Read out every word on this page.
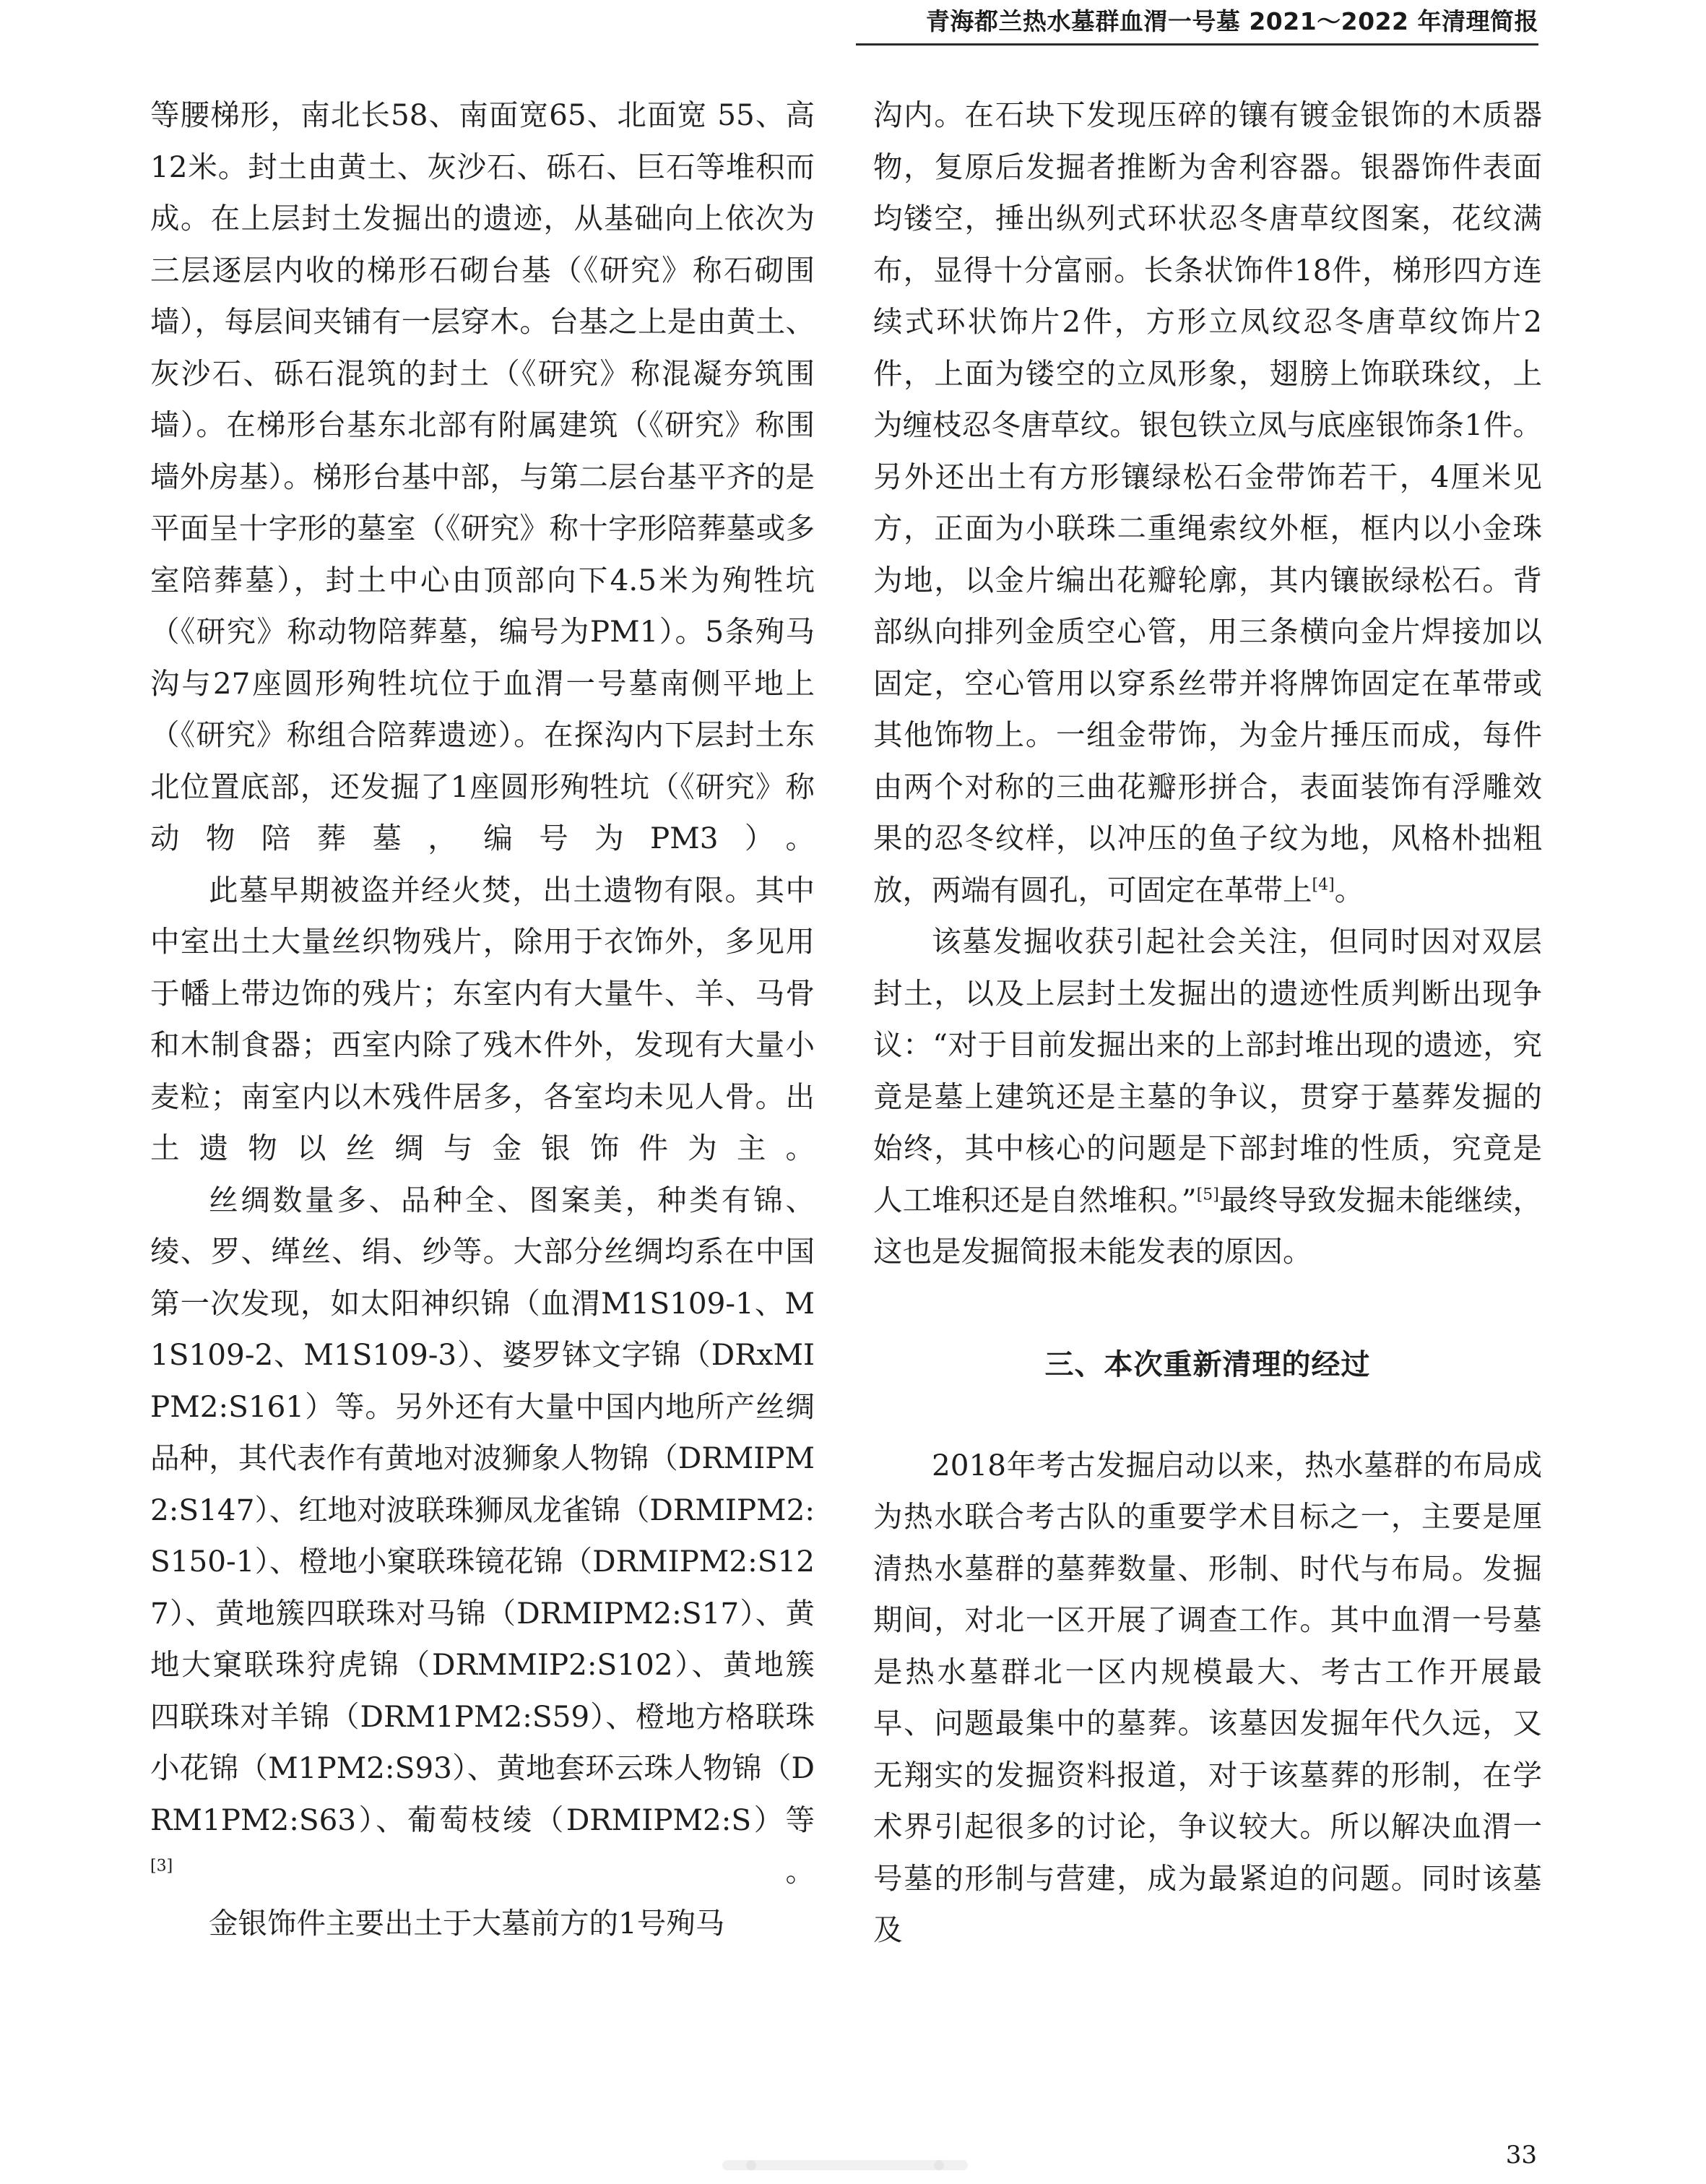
青海都兰热水墓群血渭一号墓 2021～2022 年清理简报

等腰梯形，南北长58、南面宽65、北面宽 55、高12米。封土由黄土、灰沙石、砾石、巨石等堆积而成。在上层封土发掘出的遗迹，从基础向上依次为三层逐层内收的梯形石砌台基（《研究》称石砌围墙），每层间夹铺有一层穿木。台基之上是由黄土、灰沙石、砾石混筑的封土（《研究》称混凝夯筑围墙）。在梯形台基东北部有附属建筑（《研究》称围墙外房基）。梯形台基中部，与第二层台基平齐的是平面呈十字形的墓室（《研究》称十字形陪葬墓或多室陪葬墓），封土中心由顶部向下4.5米为殉牲坑（《研究》称动物陪葬墓，编号为PM1）。5条殉马沟与27座圆形殉牲坑位于血渭一号墓南侧平地上（《研究》称组合陪葬遗迹）。在探沟内下层封土东北位置底部，还发掘了1座圆形殉牲坑（《研究》称动物陪葬墓，编号为PM3）。

此墓早期被盗并经火焚，出土遗物有限。其中中室出土大量丝织物残片，除用于衣饰外，多见用于幡上带边饰的残片；东室内有大量牛、羊、马骨和木制食器；西室内除了残木件外，发现有大量小麦粒；南室内以木残件居多，各室均未见人骨。出土遗物以丝绸与金银饰件为主。

丝绸数量多、品种全、图案美，种类有锦、绫、罗、缂丝、绢、纱等。大部分丝绸均系在中国第一次发现，如太阳神织锦（血渭M1S109-1、M1S109-2、M1S109-3）、婆罗钵文字锦（DRxMIPM2:S161）等。另外还有大量中国内地所产丝绸品种，其代表作有黄地对波狮象人物锦（DRMIPM2:S147）、红地对波联珠狮凤龙雀锦（DRMIPM2:S150-1）、橙地小窠联珠镜花锦（DRMIPM2:S127）、黄地簇四联珠对马锦（DRMIPM2:S17）、黄地大窠联珠狩虎锦（DRMMIP2:S102）、黄地簇四联珠对羊锦（DRM1PM2:S59）、橙地方格联珠小花锦（M1PM2:S93）、黄地套环云珠人物锦（DRM1PM2:S63）、葡萄枝绫（DRMIPM2:S）等[3]。

金银饰件主要出土于大墓前方的1号殉马

沟内。在石块下发现压碎的镶有镀金银饰的木质器物，复原后发掘者推断为舍利容器。银器饰件表面均镂空，捶出纵列式环状忍冬唐草纹图案，花纹满布，显得十分富丽。长条状饰件18件，梯形四方连续式环状饰片2件，方形立凤纹忍冬唐草纹饰片2件，上面为镂空的立凤形象，翅膀上饰联珠纹，上为缠枝忍冬唐草纹。银包铁立凤与底座银饰条1件。另外还出土有方形镶绿松石金带饰若干，4厘米见方，正面为小联珠二重绳索纹外框，框内以小金珠为地，以金片编出花瓣轮廓，其内镶嵌绿松石。背部纵向排列金质空心管，用三条横向金片焊接加以固定，空心管用以穿系丝带并将牌饰固定在革带或其他饰物上。一组金带饰，为金片捶压而成，每件由两个对称的三曲花瓣形拼合，表面装饰有浮雕效果的忍冬纹样，以冲压的鱼子纹为地，风格朴拙粗放，两端有圆孔，可固定在革带上[4]。

该墓发掘收获引起社会关注，但同时因对双层封土，以及上层封土发掘出的遗迹性质判断出现争议：“对于目前发掘出来的上部封堆出现的遗迹，究竟是墓上建筑还是主墓的争议，贯穿于墓葬发掘的始终，其中核心的问题是下部封堆的性质，究竟是人工堆积还是自然堆积。”[5]最终导致发掘未能继续，这也是发掘简报未能发表的原因。

三、本次重新清理的经过

2018年考古发掘启动以来，热水墓群的布局成为热水联合考古队的重要学术目标之一，主要是厘清热水墓群的墓葬数量、形制、时代与布局。发掘期间，对北一区开展了调查工作。其中血渭一号墓是热水墓群北一区内规模最大、考古工作开展最早、问题最集中的墓葬。该墓因发掘年代久远，又无翔实的发掘资料报道，对于该墓葬的形制，在学术界引起很多的讨论，争议较大。所以解决血渭一号墓的形制与营建，成为最紧迫的问题。同时该墓及

33
